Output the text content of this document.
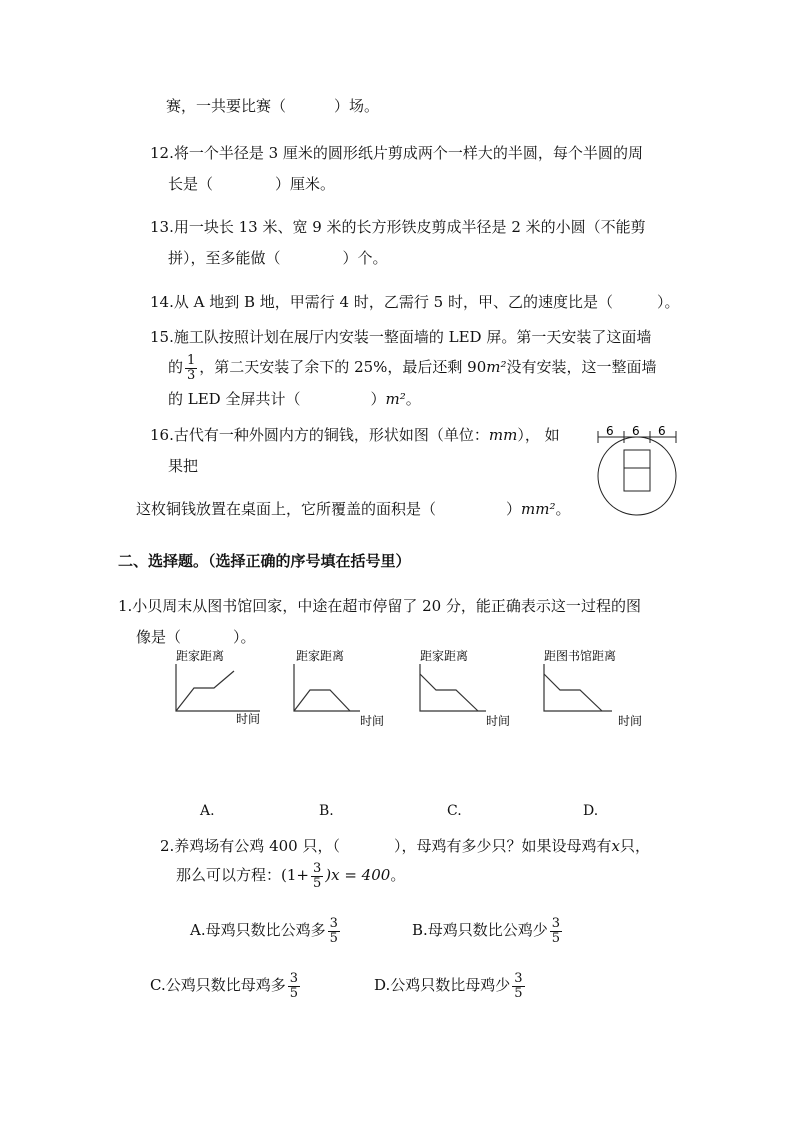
赛，一共要比赛（	）场。
12.将一个半径是 3 厘米的圆形纸片剪成两个一样大的半圆，每个半圆的周
长是（	）厘米。
13.用一块长 13 米、宽 9 米的长方形铁皮剪成半径是 2 米的小圆（不能剪
拼），至多能做（	）个。
14.从 A 地到 B 地，甲需行 4 时，乙需行 5 时，甲、乙的速度比是（	）。
15.施工队按照计划在展厅内安装一整面墙的 LED 屏。第一天安装了这面墙
的 $\frac{1}{3}$ ，第二天安装了余下的 25%，最后还剩 90m²没有安装，这一整面墙
的 LED 全屏共计（	）m²。
16.古代有一种外圆内方的铜钱，形状如图（单位：mm）， 如
果把
这枚铜钱放置在桌面上，它所覆盖的面积是（	）mm²。
6 6 6
二、选择题。（选择正确的序号填在括号里）
1.小贝周末从图书馆回家，中途在超市停留了 20 分，能正确表示这一过程的图
像是（	）。
距家距离
时间
距家距离
时间
距家距离
时间
距图书馆距离
时间
A.	B.	C.	D.
2.养鸡场有公鸡 400 只，（	），母鸡有多少只？如果设母鸡有x只，
那么可以方程：$(1+ \frac{3}{5} )x = 400$。
A.母鸡只数比公鸡多 $\frac{3}{5}$	B.母鸡只数比公鸡少 $\frac{3}{5}$
C.公鸡只数比母鸡多 $\frac{3}{5}$	D.公鸡只数比母鸡少 $\frac{3}{5}$
